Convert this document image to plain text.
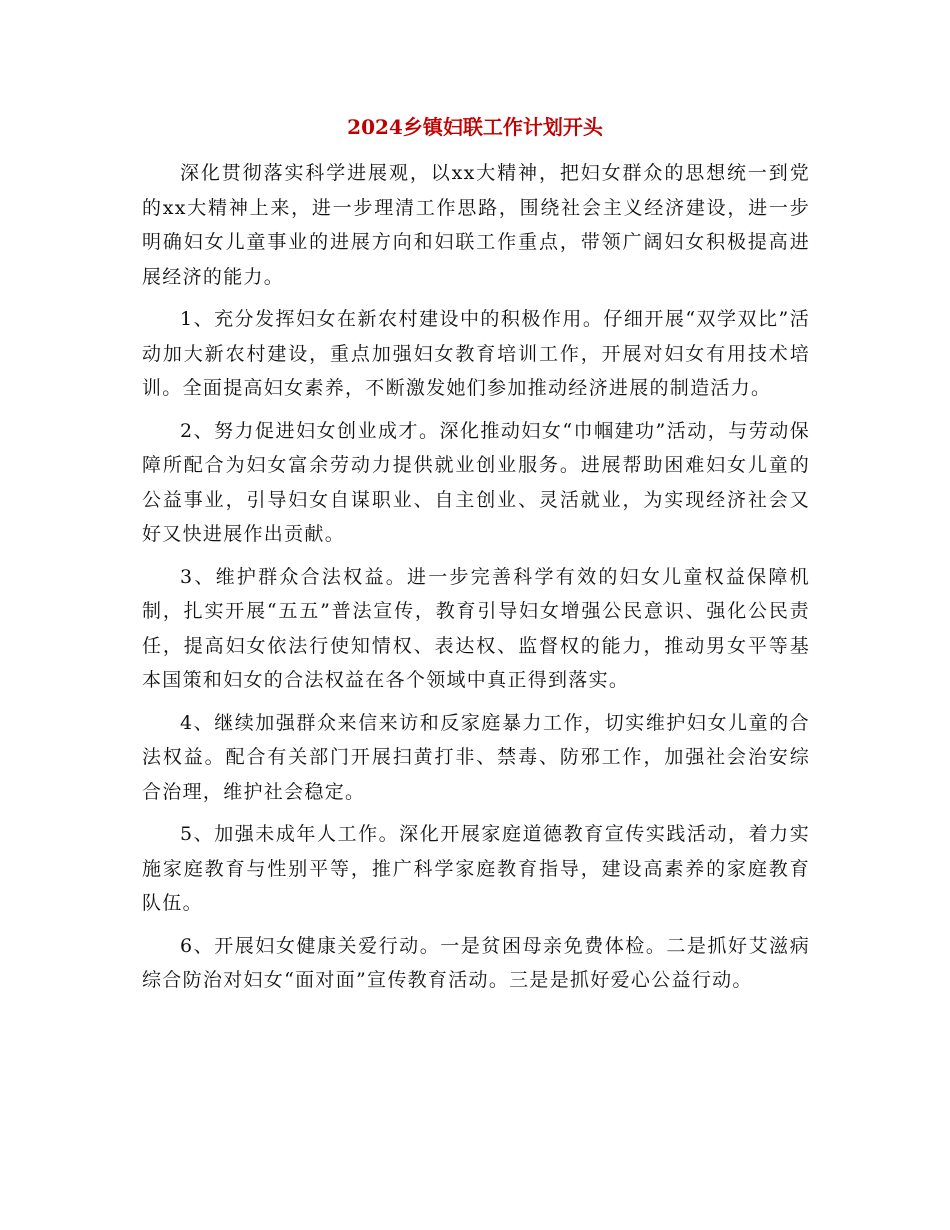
2024乡镇妇联工作计划开头

深化贯彻落实科学进展观，以xx大精神，把妇女群众的思想统一到党的xx大精神上来，进一步理清工作思路，围绕社会主义经济建设，进一步明确妇女儿童事业的进展方向和妇联工作重点，带领广阔妇女积极提高进展经济的能力。

1、充分发挥妇女在新农村建设中的积极作用。仔细开展“双学双比”活动加大新农村建设，重点加强妇女教育培训工作，开展对妇女有用技术培训。全面提高妇女素养，不断激发她们参加推动经济进展的制造活力。

2、努力促进妇女创业成才。深化推动妇女“巾帼建功”活动，与劳动保障所配合为妇女富余劳动力提供就业创业服务。进展帮助困难妇女儿童的公益事业，引导妇女自谋职业、自主创业、灵活就业，为实现经济社会又好又快进展作出贡献。

3、维护群众合法权益。进一步完善科学有效的妇女儿童权益保障机制，扎实开展“五五”普法宣传，教育引导妇女增强公民意识、强化公民责任，提高妇女依法行使知情权、表达权、监督权的能力，推动男女平等基本国策和妇女的合法权益在各个领域中真正得到落实。

4、继续加强群众来信来访和反家庭暴力工作，切实维护妇女儿童的合法权益。配合有关部门开展扫黄打非、禁毒、防邪工作，加强社会治安综合治理，维护社会稳定。

5、加强未成年人工作。深化开展家庭道德教育宣传实践活动，着力实施家庭教育与性别平等，推广科学家庭教育指导，建设高素养的家庭教育队伍。

6、开展妇女健康关爱行动。一是贫困母亲免费体检。二是抓好艾滋病综合防治对妇女“面对面”宣传教育活动。三是是抓好爱心公益行动。
